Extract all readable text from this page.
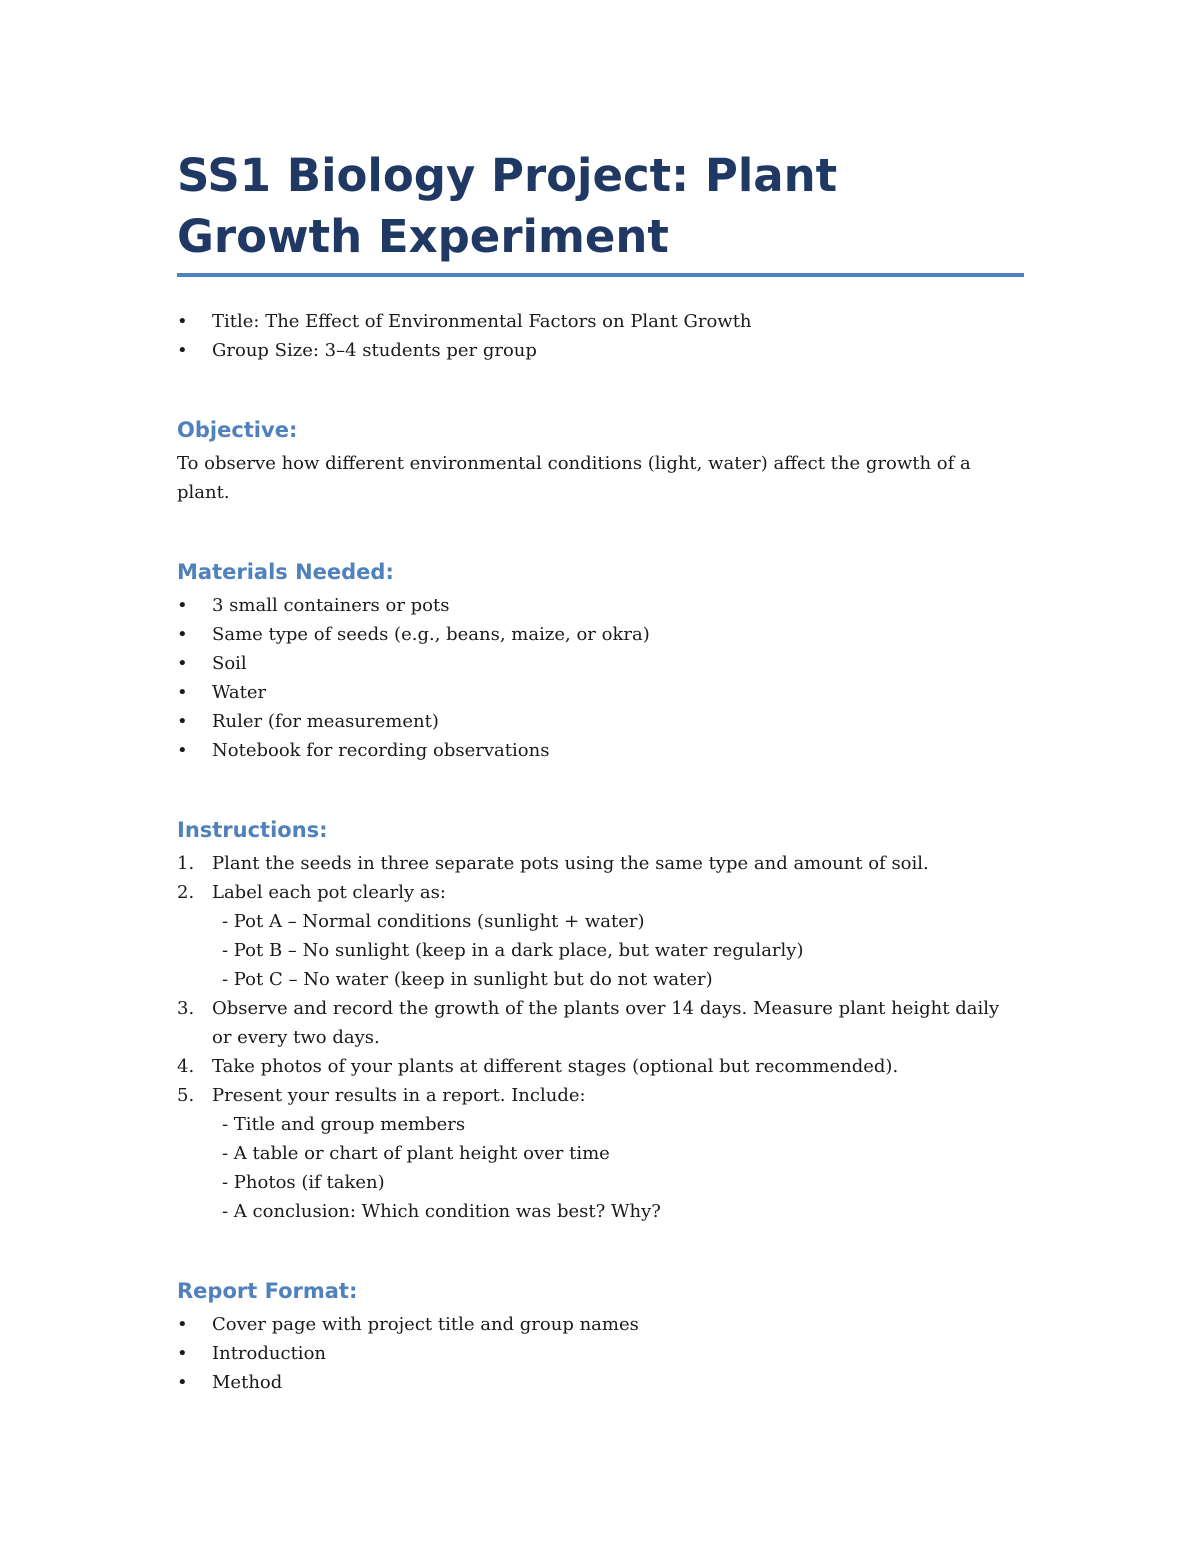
SS1 Biology Project: Plant Growth Experiment
•	Title: The Effect of Environmental Factors on Plant Growth
•	Group Size: 3–4 students per group
Objective:

To observe how different environmental conditions (light, water) affect the growth of a plant.

Materials Needed:
•	3 small containers or pots
•	Same type of seeds (e.g., beans, maize, or okra)
•	Soil
•	Water
•	Ruler (for measurement)
•	Notebook for recording observations
Instructions:
1. Plant the seeds in three separate pots using the same type and amount of soil.
2. Label each pot clearly as:
- Pot A – Normal conditions (sunlight + water)
- Pot B – No sunlight (keep in a dark place, but water regularly)
- Pot C – No water (keep in sunlight but do not water)
3. Observe and record the growth of the plants over 14 days. Measure plant height daily or every two days.
4. Take photos of your plants at different stages (optional but recommended).
5. Present your results in a report. Include:
- Title and group members
- A table or chart of plant height over time
- Photos (if taken)
- A conclusion: Which condition was best? Why?
Report Format:
•	Cover page with project title and group names
•	Introduction
•	Method
